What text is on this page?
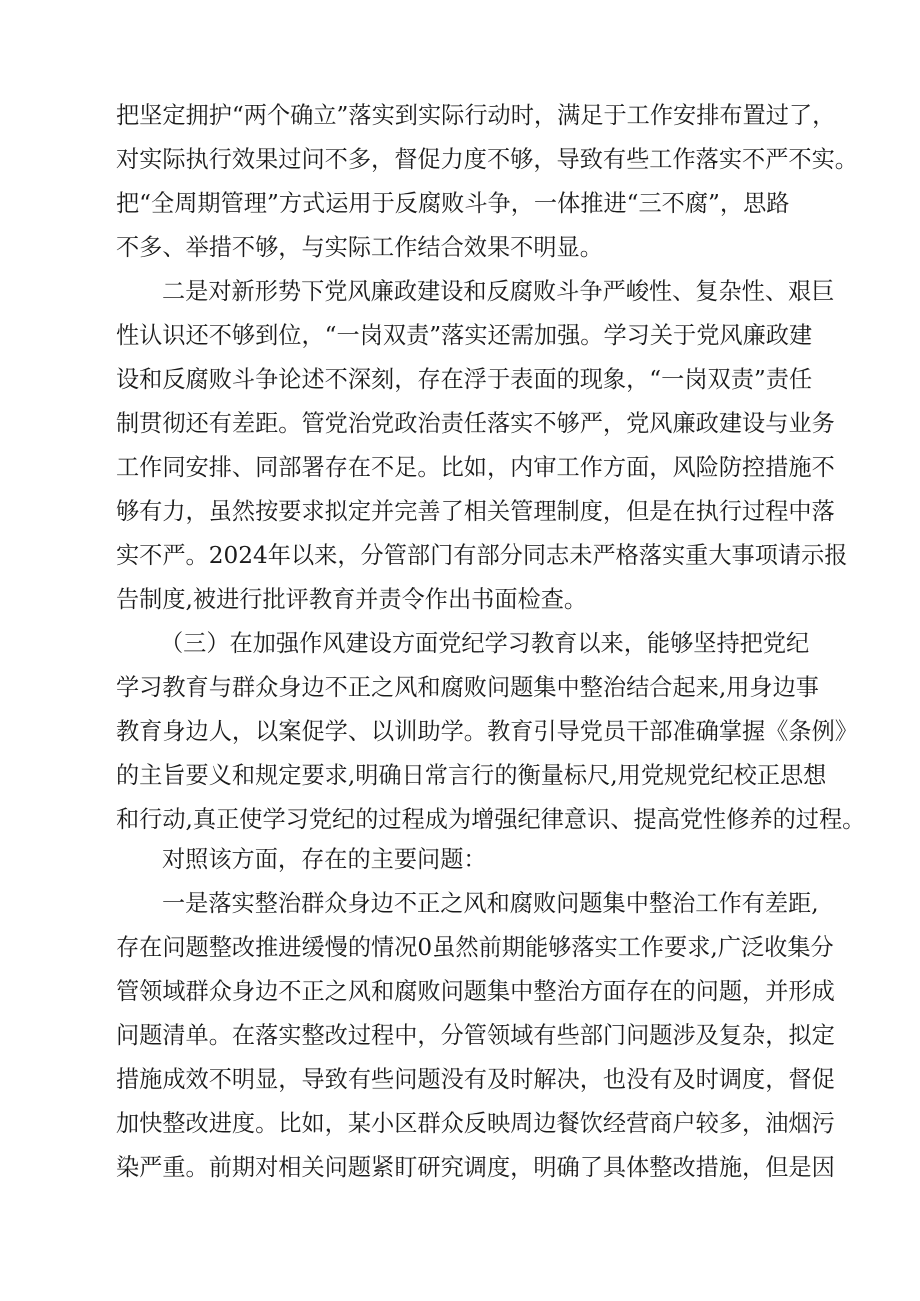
把坚定拥护“两个确立”落实到实际行动时，满足于工作安排布置过了，
对实际执行效果过问不多，督促力度不够，导致有些工作落实不严不实。
把“全周期管理”方式运用于反腐败斗争，一体推进“三不腐”，思路
不多、举措不够，与实际工作结合效果不明显。
二是对新形势下党风廉政建设和反腐败斗争严峻性、复杂性、艰巨
性认识还不够到位，“一岗双责”落实还需加强。学习关于党风廉政建
设和反腐败斗争论述不深刻，存在浮于表面的现象，“一岗双责”责任
制贯彻还有差距。管党治党政治责任落实不够严，党风廉政建设与业务
工作同安排、同部署存在不足。比如，内审工作方面，风险防控措施不
够有力，虽然按要求拟定并完善了相关管理制度，但是在执行过程中落
实不严。2024年以来，分管部门有部分同志未严格落实重大事项请示报
告制度,被进行批评教育并责令作出书面检查。
（三）在加强作风建设方面党纪学习教育以来，能够坚持把党纪
学习教育与群众身边不正之风和腐败问题集中整治结合起来,用身边事
教育身边人，以案促学、以训助学。教育引导党员干部准确掌握《条例》
的主旨要义和规定要求,明确日常言行的衡量标尺,用党规党纪校正思想
和行动,真正使学习党纪的过程成为增强纪律意识、提高党性修养的过程。
对照该方面，存在的主要问题：
一是落实整治群众身边不正之风和腐败问题集中整治工作有差距,
存在问题整改推进缓慢的情况0虽然前期能够落实工作要求,广泛收集分
管领域群众身边不正之风和腐败问题集中整治方面存在的问题，并形成
问题清单。在落实整改过程中，分管领域有些部门问题涉及复杂，拟定
措施成效不明显，导致有些问题没有及时解决，也没有及时调度，督促
加快整改进度。比如，某小区群众反映周边餐饮经营商户较多，油烟污
染严重。前期对相关问题紧盯研究调度，明确了具体整改措施，但是因
